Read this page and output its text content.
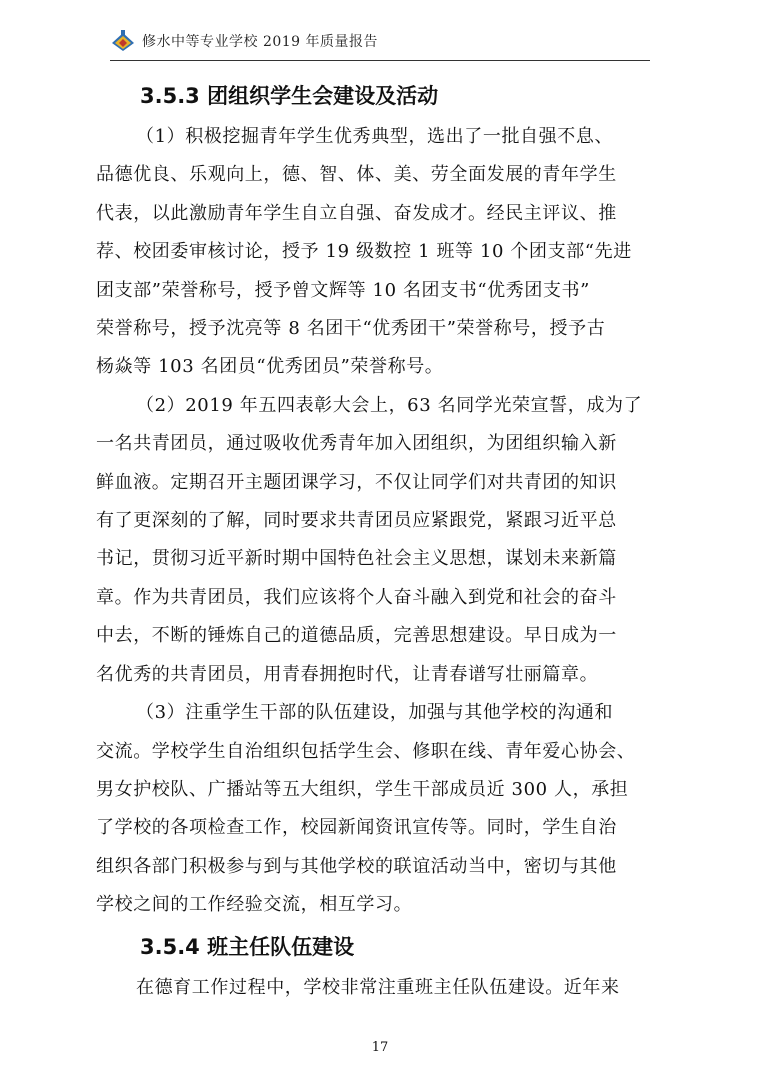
修水中等专业学校 2019 年质量报告
3.5.3 团组织学生会建设及活动

（1）积极挖掘青年学生优秀典型，选出了一批自强不息、
品德优良、乐观向上，德、智、体、美、劳全面发展的青年学生
代表，以此激励青年学生自立自强、奋发成才。经民主评议、推
荐、校团委审核讨论，授予 19 级数控 1 班等 10 个团支部“先进
团支部”荣誉称号，授予曾文辉等 10 名团支书“优秀团支书”
荣誉称号，授予沈亮等 8 名团干“优秀团干”荣誉称号，授予古
杨焱等 103 名团员“优秀团员”荣誉称号。

（2）2019 年五四表彰大会上，63 名同学光荣宣誓，成为了
一名共青团员，通过吸收优秀青年加入团组织，为团组织输入新
鲜血液。定期召开主题团课学习，不仅让同学们对共青团的知识
有了更深刻的了解，同时要求共青团员应紧跟党，紧跟习近平总
书记，贯彻习近平新时期中国特色社会主义思想，谋划未来新篇
章。作为共青团员，我们应该将个人奋斗融入到党和社会的奋斗
中去，不断的锤炼自己的道德品质，完善思想建设。早日成为一
名优秀的共青团员，用青春拥抱时代，让青春谱写壮丽篇章。

（3）注重学生干部的队伍建设，加强与其他学校的沟通和
交流。学校学生自治组织包括学生会、修职在线、青年爱心协会、
男女护校队、广播站等五大组织，学生干部成员近 300 人，承担
了学校的各项检查工作，校园新闻资讯宣传等。同时，学生自治
组织各部门积极参与到与其他学校的联谊活动当中，密切与其他
学校之间的工作经验交流，相互学习。

3.5.4 班主任队伍建设

在德育工作过程中，学校非常注重班主任队伍建设。近年来

17
